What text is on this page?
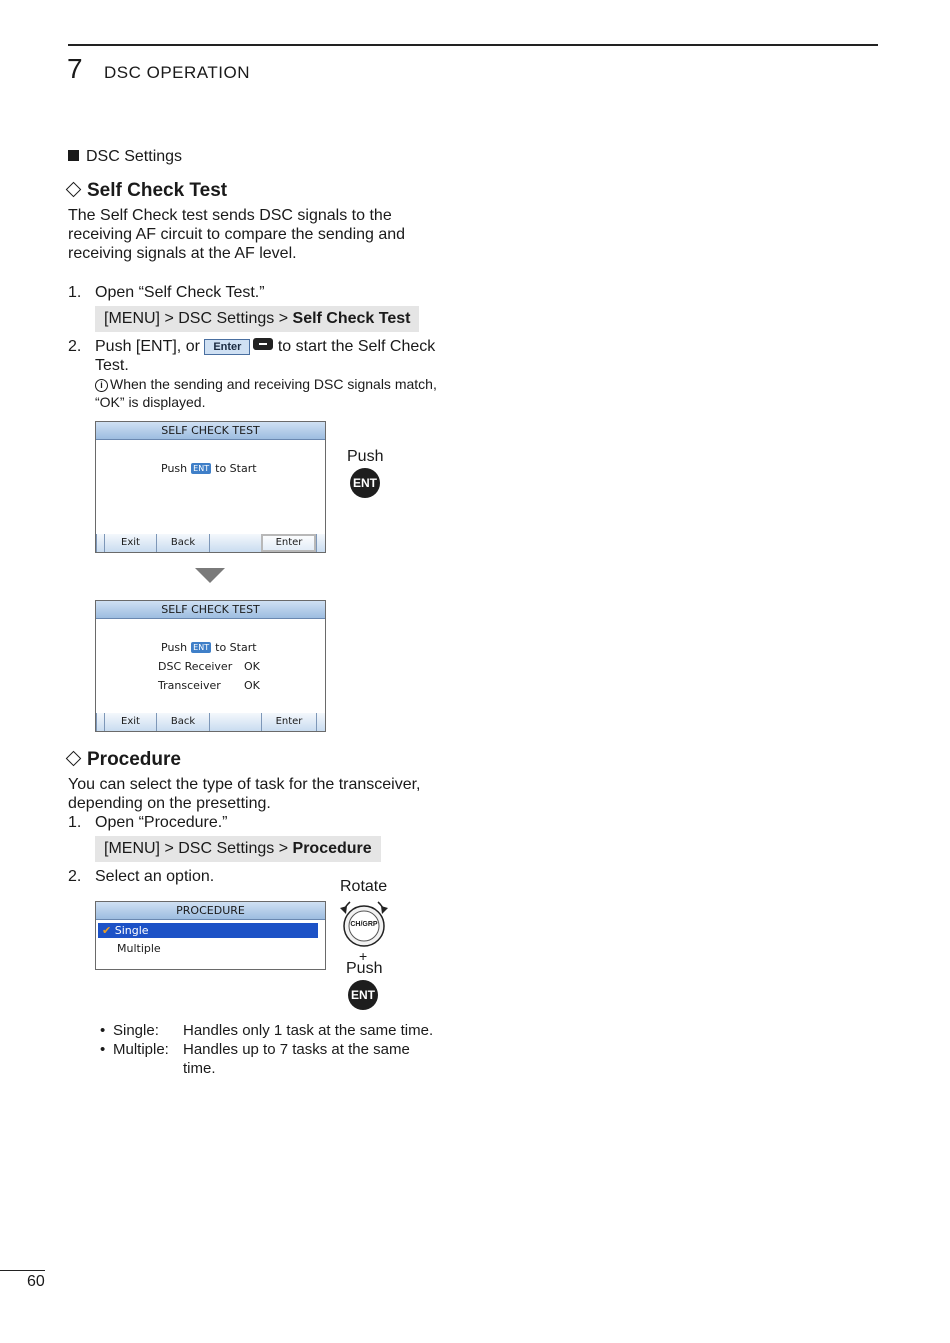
7 DSC OPERATION
DSC Settings
Self Check Test
The Self Check test sends DSC signals to the receiving AF circuit to compare the sending and receiving signals at the AF level.
1. Open “Self Check Test.”
[MENU] > DSC Settings > Self Check Test
2. Push [ENT], or Enter to start the Self Check Test.
i When the sending and receiving DSC signals match, “OK” is displayed.
SELF CHECK TEST
Push ENT to Start
Exit	Back	Enter
Push
ENT
SELF CHECK TEST
Push ENT to Start
DSC Receiver OK
Transceiver OK
Exit	Back	Enter
Procedure
You can select the type of task for the transceiver, depending on the presetting.
1. Open “Procedure.”
[MENU] > DSC Settings > Procedure
2. Select an option.
PROCEDURE
✔ Single
Multiple
Rotate
CH/GRP
+
Push
ENT
• Single: Handles only 1 task at the same time.
• Multiple: Handles up to 7 tasks at the same time.
60
